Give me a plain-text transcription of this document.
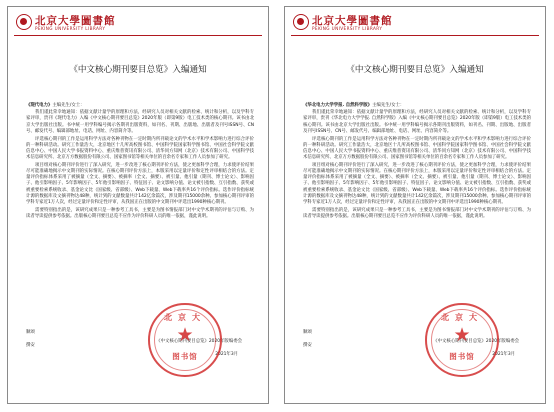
北京大學圖書館
PEKING UNIVERSITY LIBRARY
《中文核心期刊要目总览》入编通知
《现代电力》主编先生/女士：

我们谨此荣幸地通知：依据文献计量学的原理和方法，经研究人员对相关文献的检索、统计和分析，以及学科专家评审，贵刊《现代电力》入编《中文核心期刊要目总览》2020年版（即第9版）电工技术类的核心期刊。该书由北京大学出版社出版。书中统一用学科编号揭示各期刊出版资料，如刊名、刊期、出版地、出版者及刊号ISSN号、CN号、邮发代号、编辑部地址、电话、网址、内容简介等。

评选核心期刊的工作是运用科学方法对各种刊物在一定时期内所刊载论文的学术水平和学术影响力进行综合评价的一种科研活动。研究工作量浩大，北京地区十几所高校图书馆、中国科学院国家科学图书馆、中国社会科学院文献信息中心、中国人民大学书报资料中心、重庆维普资讯有限公司、清华同方知网（北京）技术有限公司、中国科学技术信息研究所、北京万方数据股份有限公司、国家图书馆等相关单位的百余名专家和工作人员参加了研究。

项目组对核心期刊评价进行了深入研究，进一步改进了核心期刊评价方法，使之更加科学合理，力求使评价结果尽可能准确地揭示中文期刊的实际情况。在核心期刊评价方法上，本版采用以定量评价和定性评审相结合的方法。定量评价指标体系采用了被摘量（全文、摘要）、被摘率（全文、摘要）、被引量、他引量（期刊、博士论文）、影响因子、他引影响因子、5年影响因子、5年他引影响因子、特征因子、论文影响分值、论文被引指数、互引指数、获奖或被重要检索系统收录、基金论文比（国家级、省部级）、Web下载量、Web下载率共16个评价指标。选作评价指标统计源的数据库及文摘刊物达48种，统计到的文献数量共计142亿余篇次，涉及期刊15000余种。参加核心期刊评审的学科专家近1万人次，经过定量评价和定性评审，从我国正在出版的中文期刊中评选出1990种核心期刊。

需要特别指出的是，该研究成果只是一种参考工具书，主要是为图书情报部门对中文学术期刊的评估与订购、为读者导读提供参考依据。出版核心期刊要目总览不应作为评价科研人员的唯一依据，谨此说明。

顺颂
撰安
《中文核心期刊要目总览》2020年版编委会
2021年3月
北京大
★
图书馆
北京大學圖書館
PEKING UNIVERSITY LIBRARY
《中文核心期刊要目总览》入编通知
《华北电力大学学报. 自然科学版》主编先生/女士：

我们谨此荣幸地通知：依据文献计量学的原理和方法，经研究人员对相关文献的检索、统计和分析，以及学科专家评审，贵刊《华北电力大学学报. 自然科学版》入编《中文核心期刊要目总览》2020年版（即第9版）电工技术类的核心期刊。该书由北京大学出版社出版。书中统一用学科编号揭示各期刊出版资料，如刊名、刊期、出版地、出版者及刊号ISSN号、CN号、邮发代号、编辑部地址、电话、网址、内容简介等。

评选核心期刊的工作是运用科学方法对各种刊物在一定时期内所刊载论文的学术水平和学术影响力进行综合评价的一种科研活动。研究工作量浩大，北京地区十几所高校图书馆、中国科学院国家科学图书馆、中国社会科学院文献信息中心、中国人民大学书报资料中心、重庆维普资讯有限公司、清华同方知网（北京）技术有限公司、中国科学技术信息研究所、北京万方数据股份有限公司、国家图书馆等相关单位的百余名专家和工作人员参加了研究。

项目组对核心期刊评价进行了深入研究，进一步改进了核心期刊评价方法，使之更加科学合理，力求使评价结果尽可能准确地揭示中文期刊的实际情况。在核心期刊评价方法上，本版采用以定量评价和定性评审相结合的方法。定量评价指标体系采用了被摘量（全文、摘要）、被摘率（全文、摘要）、被引量、他引量（期刊、博士论文）、影响因子、他引影响因子、5年影响因子、5年他引影响因子、特征因子、论文影响分值、论文被引指数、互引指数、获奖或被重要检索系统收录、基金论文比（国家级、省部级）、Web下载量、Web下载率共16个评价指标。选作评价指标统计源的数据库及文摘刊物达48种，统计到的文献数量共计142亿余篇次，涉及期刊15000余种。参加核心期刊评审的学科专家近1万人次，经过定量评价和定性评审，从我国正在出版的中文期刊中评选出1990种核心期刊。

需要特别指出的是，该研究成果只是一种参考工具书，主要是为图书情报部门对中文学术期刊的评估与订购、为读者导读提供参考依据。出版核心期刊要目总览不应作为评价科研人员的唯一依据，谨此说明。

顺颂
撰安
《中文核心期刊要目总览》2020年版编委会
2021年3月
北京大
★
图书馆
